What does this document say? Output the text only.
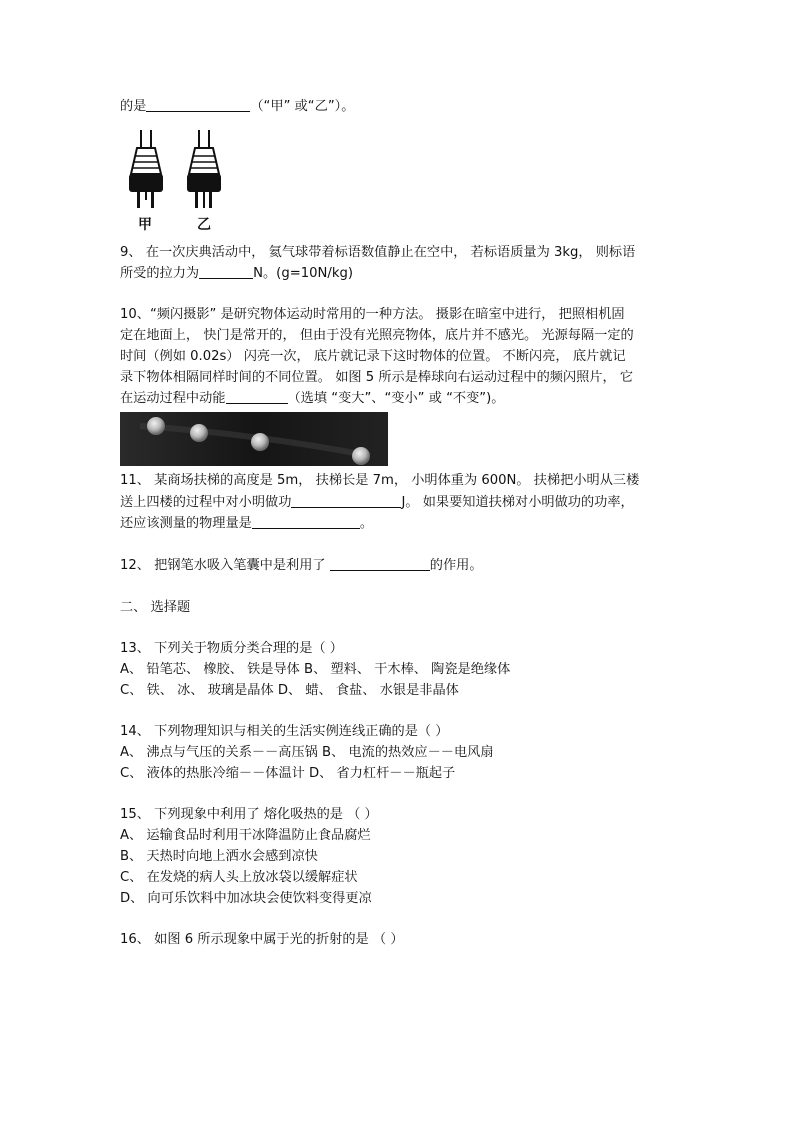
的是	（“甲” 或“乙”）。
甲	乙
9、 在一次庆典活动中， 氦气球带着标语数值静止在空中， 若标语质量为 3kg， 则标语
所受的拉力为	N。(g=10N/kg)
10、“频闪摄影” 是研究物体运动时常用的一种方法。 摄影在暗室中进行， 把照相机固
定在地面上， 快门是常开的， 但由于没有光照亮物体，底片并不感光。 光源每隔一定的
时间（例如 0.02s） 闪亮一次， 底片就记录下这时物体的位置。 不断闪亮， 底片就记
录下物体相隔同样时间的不同位置。 如图 5 所示是棒球向右运动过程中的频闪照片， 它
在运动过程中动能	（选填 “变大”、“变小” 或 “不变”)。
11、 某商场扶梯的高度是 5m， 扶梯长是 7m， 小明体重为 600N。 扶梯把小明从三楼
送上四楼的过程中对小明做功	J。 如果要知道扶梯对小明做功的功率，
还应该测量的物理量是	。
12、 把钢笔水吸入笔囊中是利用了	的作用。
二、 选择题
13、 下列关于物质分类合理的是（ ）
A、 铅笔芯、 橡胶、 铁是导体 B、 塑料、 干木棒、 陶瓷是绝缘体
C、 铁、 冰、 玻璃是晶体 D、 蜡、 食盐、 水银是非晶体
14、 下列物理知识与相关的生活实例连线正确的是（ ）
A、 沸点与气压的关系－－高压锅 B、 电流的热效应－－电风扇
C、 液体的热胀冷缩－－体温计 D、 省力杠杆－－瓶起子
15、 下列现象中利用了 熔化吸热的是 （ ）
A、 运输食品时利用干冰降温防止食品腐烂
B、 天热时向地上洒水会感到凉快
C、 在发烧的病人头上放冰袋以缓解症状
D、 向可乐饮料中加冰块会使饮料变得更凉
16、 如图 6 所示现象中属于光的折射的是 （ ）
